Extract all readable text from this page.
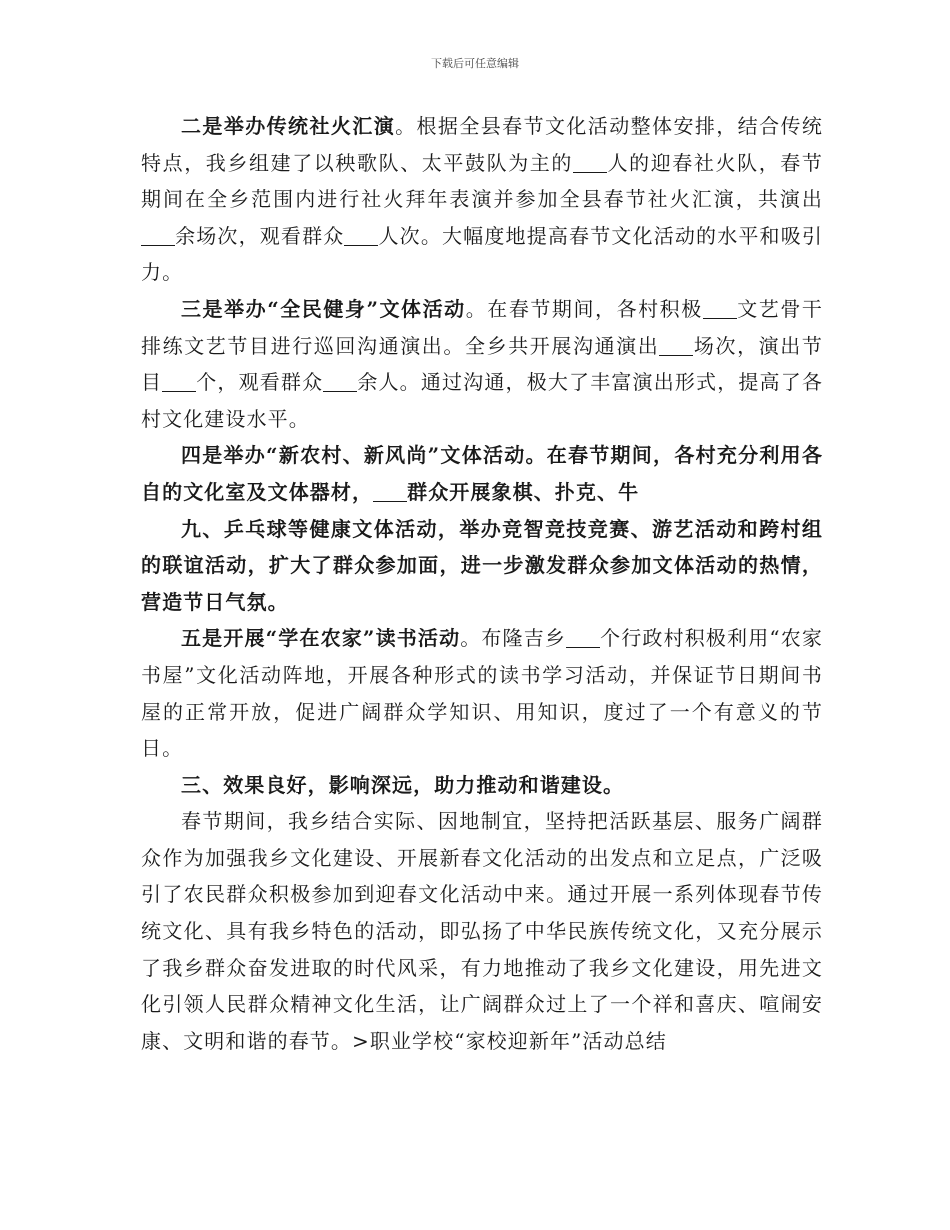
下载后可任意编辑

二是举办传统社火汇演。根据全县春节文化活动整体安排，结合传统特点，我乡组建了以秧歌队、太平鼓队为主的 人的迎春社火队，春节期间在全乡范围内进行社火拜年表演并参加全县春节社火汇演，共演出余场次，观看群众 人次。大幅度地提高春节文化活动的水平和吸引力。

三是举办“全民健身”文体活动。在春节期间，各村积极 文艺骨干排练文艺节目进行巡回沟通演出。全乡共开展沟通演出 场次，演出节目 个，观看群众 余人。通过沟通，极大了丰富演出形式，提高了各村文化建设水平。

四是举办“新农村、新风尚”文体活动。在春节期间，各村充分利用各自的文化室及文体器材， 群众开展象棋、扑克、牛

九、乒乓球等健康文体活动，举办竞智竞技竞赛、游艺活动和跨村组的联谊活动，扩大了群众参加面，进一步激发群众参加文体活动的热情，营造节日气氛。

五是开展“学在农家”读书活动。布隆吉乡 个行政村积极利用“农家书屋”文化活动阵地，开展各种形式的读书学习活动，并保证节日期间书屋的正常开放，促进广阔群众学知识、用知识，度过了一个有意义的节日。

三、效果良好，影响深远，助力推动和谐建设。

春节期间，我乡结合实际、因地制宜，坚持把活跃基层、服务广阔群众作为加强我乡文化建设、开展新春文化活动的出发点和立足点，广泛吸引了农民群众积极参加到迎春文化活动中来。通过开展一系列体现春节传统文化、具有我乡特色的活动，即弘扬了中华民族传统文化，又充分展示了我乡群众奋发进取的时代风采，有力地推动了我乡文化建设，用先进文化引领人民群众精神文化生活，让广阔群众过上了一个祥和喜庆、喧闹安康、文明和谐的春节。>职业学校“家校迎新年”活动总结
